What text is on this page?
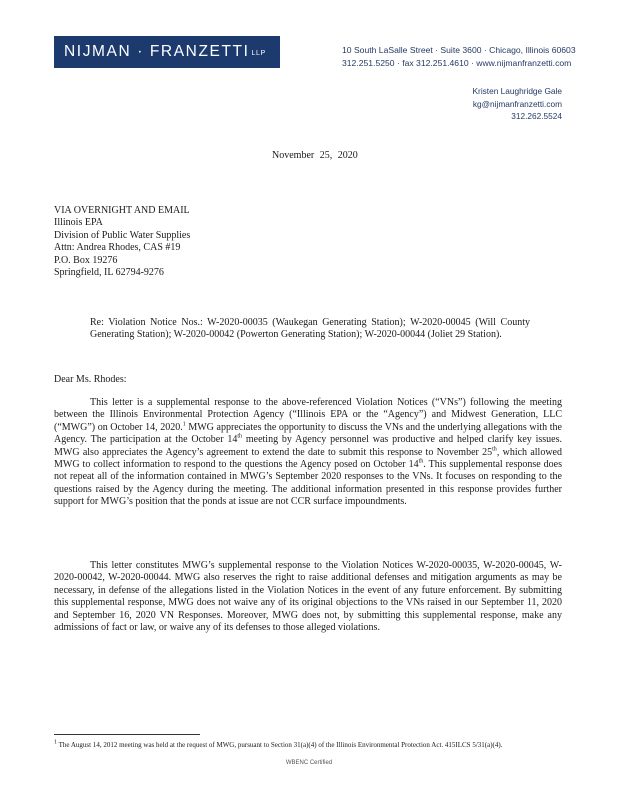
NIJMAN · FRANZETTI LLP	10 South LaSalle Street · Suite 3600 · Chicago, Illinois 60603
312.251.5250 · fax 312.251.4610 · www.nijmanfranzetti.com
Kristen Laughridge Gale
kg@nijmanfranzetti.com
312.262.5524
November 25, 2020
VIA OVERNIGHT AND EMAIL
Illinois EPA
Division of Public Water Supplies
Attn: Andrea Rhodes, CAS #19
P.O. Box 19276
Springfield, IL 62794-9276
Re: Violation Notice Nos.: W-2020-00035 (Waukegan Generating Station); W-2020-00045 (Will County Generating Station); W-2020-00042 (Powerton Generating Station); W-2020-00044 (Joliet 29 Station).
Dear Ms. Rhodes:
This letter is a supplemental response to the above-referenced Violation Notices (“VNs”) following the meeting between the Illinois Environmental Protection Agency (“Illinois EPA or the “Agency”) and Midwest Generation, LLC (“MWG”) on October 14, 2020.$^1$ MWG appreciates the opportunity to discuss the VNs and the underlying allegations with the Agency. The participation at the October 14th meeting by Agency personnel was productive and helped clarify key issues. MWG also appreciates the Agency’s agreement to extend the date to submit this response to November 25th, which allowed MWG to collect information to respond to the questions the Agency posed on October 14th. This supplemental response does not repeat all of the information contained in MWG’s September 2020 responses to the VNs. It focuses on responding to the questions raised by the Agency during the meeting. The additional information presented in this response provides further support for MWG’s position that the ponds at issue are not CCR surface impoundments.
This letter constitutes MWG’s supplemental response to the Violation Notices W-2020-00035, W-2020-00045, W-2020-00042, W-2020-00044. MWG also reserves the right to raise additional defenses and mitigation arguments as may be necessary, in defense of the allegations listed in the Violation Notices in the event of any future enforcement. By submitting this supplemental response, MWG does not waive any of its original objections to the VNs raised in our September 11, 2020 and September 16, 2020 VN Responses. Moreover, MWG does not, by submitting this supplemental response, make any admissions of fact or law, or waive any of its defenses to those alleged violations.
$^1$ The August 14, 2012 meeting was held at the request of MWG, pursuant to Section 31(a)(4) of the Illinois Environmental Protection Act. 415ILCS 5/31(a)(4).
WBENC Certified
